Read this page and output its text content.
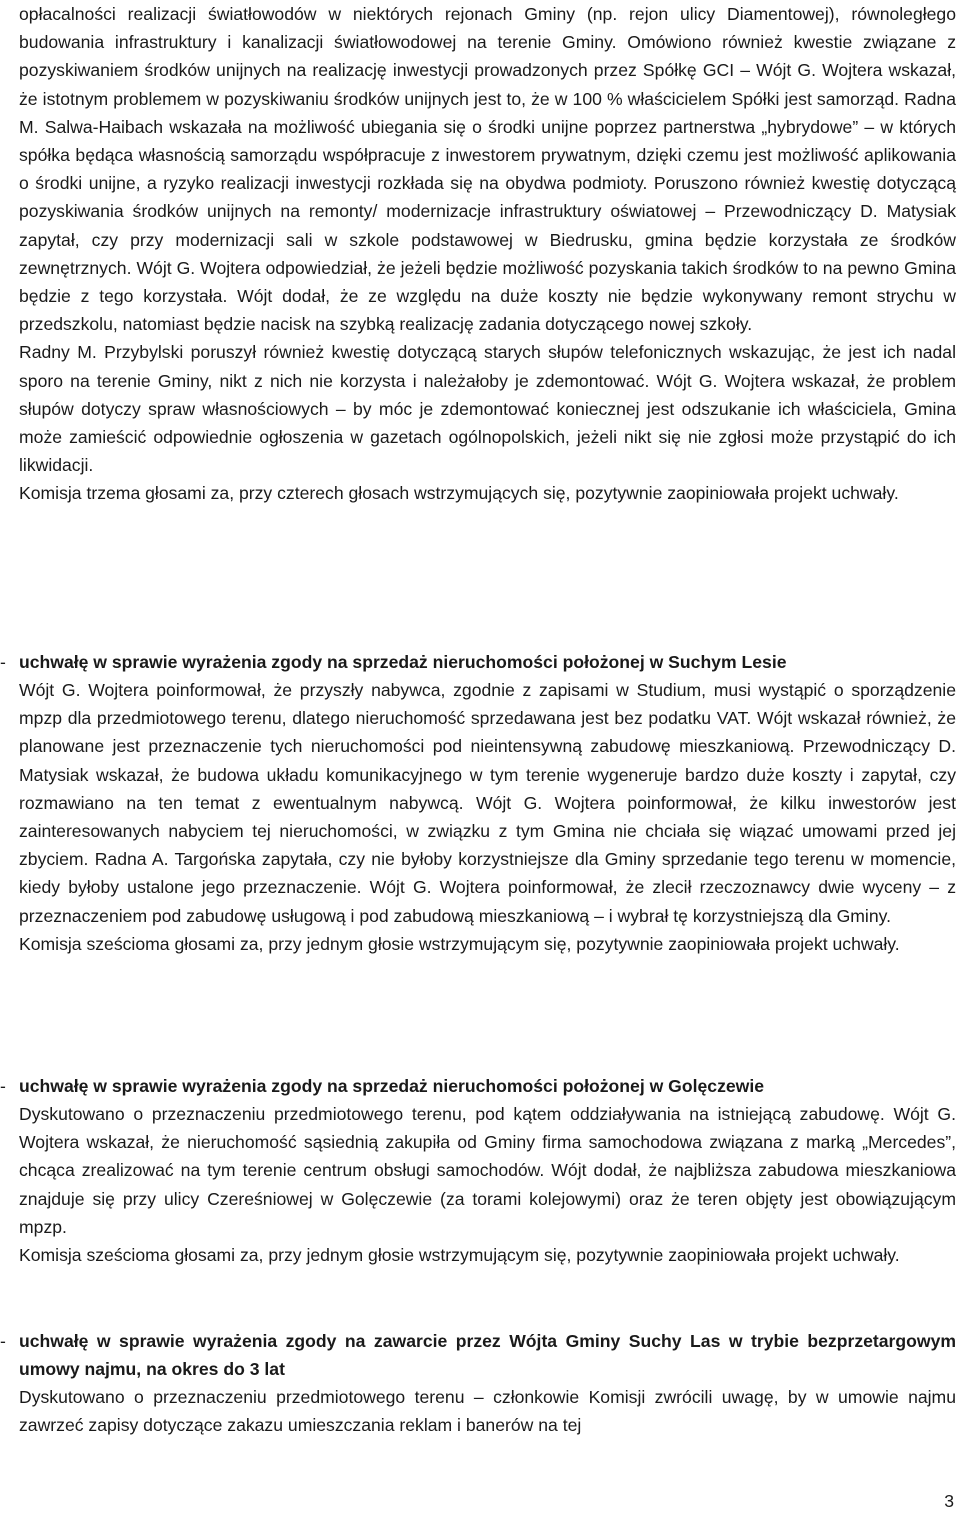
opłacalności realizacji światłowodów w niektórych rejonach Gminy (np. rejon ulicy Diamentowej), równoległego budowania infrastruktury i kanalizacji światłowodowej na terenie Gminy. Omówiono również kwestie związane z pozyskiwaniem środków unijnych na realizację inwestycji prowadzonych przez Spółkę GCI – Wójt G. Wojtera wskazał, że istotnym problemem w pozyskiwaniu środków unijnych jest to, że w 100 % właścicielem Spółki jest samorząd. Radna M. Salwa-Haibach wskazała na możliwość ubiegania się o środki unijne poprzez partnerstwa „hybrydowe” – w których spółka będąca własnością samorządu współpracuje z inwestorem prywatnym, dzięki czemu jest możliwość aplikowania o środki unijne, a ryzyko realizacji inwestycji rozkłada się na obydwa podmioty. Poruszono również kwestię dotyczącą pozyskiwania środków unijnych na remonty/ modernizacje infrastruktury oświatowej – Przewodniczący D. Matysiak zapytał, czy przy modernizacji sali w szkole podstawowej w Biedrusku, gmina będzie korzystała ze środków zewnętrznych. Wójt G. Wojtera odpowiedział, że jeżeli będzie możliwość pozyskania takich środków to na pewno Gmina będzie z tego korzystała. Wójt dodał, że ze względu na duże koszty nie będzie wykonywany remont strychu w przedszkolu, natomiast będzie nacisk na szybką realizację zadania dotyczącego nowej szkoły.

Radny M. Przybylski poruszył również kwestię dotyczącą starych słupów telefonicznych wskazując, że jest ich nadal sporo na terenie Gminy, nikt z nich nie korzysta i należałoby je zdemontować. Wójt G. Wojtera wskazał, że problem słupów dotyczy spraw własnościowych – by móc je zdemontować koniecznej jest odszukanie ich właściciela, Gmina może zamieścić odpowiednie ogłoszenia w gazetach ogólnopolskich, jeżeli nikt się nie zgłosi może przystąpić do ich likwidacji.

Komisja trzema głosami za, przy czterech głosach wstrzymujących się, pozytywnie zaopiniowała projekt uchwały.

- uchwałę w sprawie wyrażenia zgody na sprzedaż nieruchomości położonej w Suchym Lesie

Wójt G. Wojtera poinformował, że przyszły nabywca, zgodnie z zapisami w Studium, musi wystąpić o sporządzenie mpzp dla przedmiotowego terenu, dlatego nieruchomość sprzedawana jest bez podatku VAT. Wójt wskazał również, że planowane jest przeznaczenie tych nieruchomości pod nieintensywną zabudowę mieszkaniową. Przewodniczący D. Matysiak wskazał, że budowa układu komunikacyjnego w tym terenie wygeneruje bardzo duże koszty i zapytał, czy rozmawiano na ten temat z ewentualnym nabywcą. Wójt G. Wojtera poinformował, że kilku inwestorów jest zainteresowanych nabyciem tej nieruchomości, w związku z tym Gmina nie chciała się wiązać umowami przed jej zbyciem. Radna A. Targońska zapytała, czy nie byłoby korzystniejsze dla Gminy sprzedanie tego terenu w momencie, kiedy byłoby ustalone jego przeznaczenie. Wójt G. Wojtera poinformował, że zlecił rzeczoznawcy dwie wyceny – z przeznaczeniem pod zabudowę usługową i pod zabudową mieszkaniową – i wybrał tę korzystniejszą dla Gminy.

Komisja sześcioma głosami za, przy jednym głosie wstrzymującym się, pozytywnie zaopiniowała projekt uchwały.

- uchwałę w sprawie wyrażenia zgody na sprzedaż nieruchomości położonej w Golęczewie

Dyskutowano o przeznaczeniu przedmiotowego terenu, pod kątem oddziaływania na istniejącą zabudowę. Wójt G. Wojtera wskazał, że nieruchomość sąsiednią zakupiła od Gminy firma samochodowa związana z marką „Mercedes”, chcąca zrealizować na tym terenie centrum obsługi samochodów. Wójt dodał, że najbliższa zabudowa mieszkaniowa znajduje się przy ulicy Czereśniowej w Golęczewie (za torami kolejowymi) oraz że teren objęty jest obowiązującym mpzp.

Komisja sześcioma głosami za, przy jednym głosie wstrzymującym się, pozytywnie zaopiniowała projekt uchwały.

- uchwałę w sprawie wyrażenia zgody na zawarcie przez Wójta Gminy Suchy Las w trybie bezprzetargowym umowy najmu, na okres do 3 lat

Dyskutowano o przeznaczeniu przedmiotowego terenu – członkowie Komisji zwrócili uwagę, by w umowie najmu zawrzeć zapisy dotyczące zakazu umieszczania reklam i banerów na tej

3
